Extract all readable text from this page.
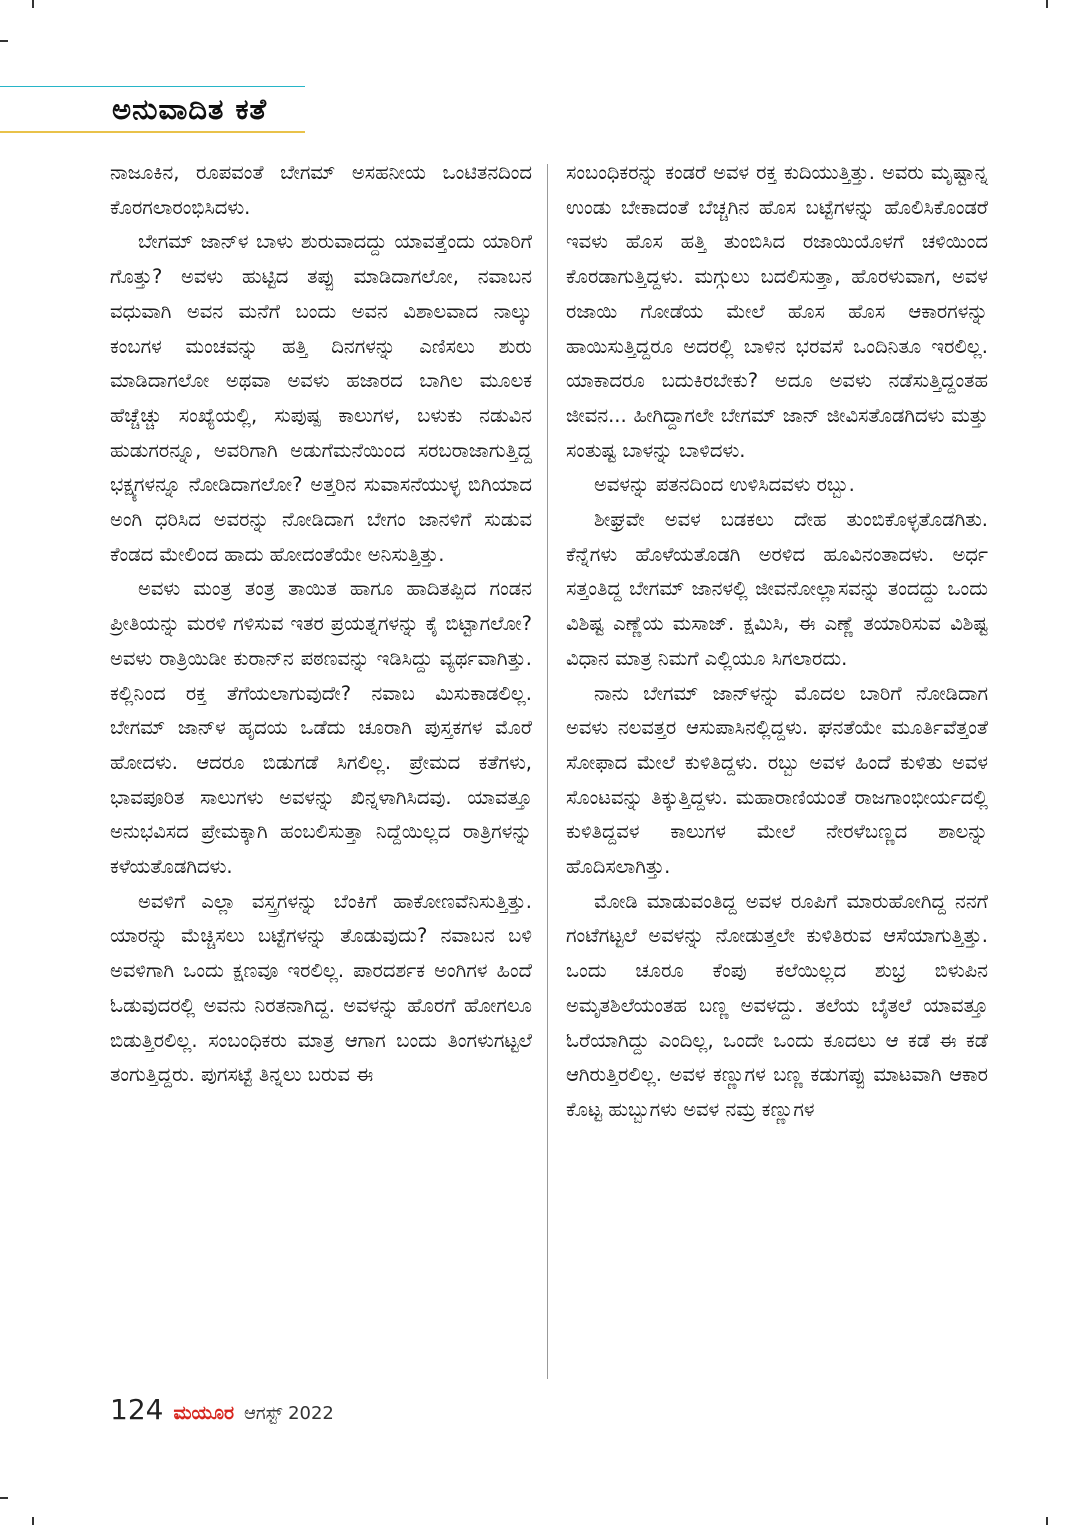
ಅನುವಾದಿತ ಕತೆ

ನಾಜೂಕಿನ, ರೂಪವಂತೆ ಬೇಗಮ್ ಅಸಹನೀಯ ಒಂಟಿತನದಿಂದ ಕೊರಗಲಾರಂಭಿಸಿದಳು.

ಬೇಗಮ್ ಜಾನ್‌ಳ ಬಾಳು ಶುರುವಾದದ್ದು ಯಾವತ್ತೆಂದು ಯಾರಿಗೆ ಗೊತ್ತು? ಅವಳು ಹುಟ್ಟಿದ ತಪ್ಪು ಮಾಡಿದಾಗಲೋ, ನವಾಬನ ವಧುವಾಗಿ ಅವನ ಮನೆಗೆ ಬಂದು ಅವನ ವಿಶಾಲವಾದ ನಾಲ್ಕು ಕಂಬಗಳ ಮಂಚವನ್ನು ಹತ್ತಿ ದಿನಗಳನ್ನು ಎಣಿಸಲು ಶುರು ಮಾಡಿದಾಗಲೋ ಅಥವಾ ಅವಳು ಹಜಾರದ ಬಾಗಿಲ ಮೂಲಕ ಹೆಚ್ಚೆಚ್ಚು ಸಂಖ್ಯೆಯಲ್ಲಿ, ಸುಪುಷ್ಪ ಕಾಲುಗಳ, ಬಳುಕು ನಡುವಿನ ಹುಡುಗರನ್ನೂ, ಅವರಿಗಾಗಿ ಅಡುಗೆಮನೆಯಿಂದ ಸರಬರಾಜಾಗುತ್ತಿದ್ದ ಭಕ್ಷ್ಯಗಳನ್ನೂ ನೋಡಿದಾಗಲೋ? ಅತ್ತರಿನ ಸುವಾಸನೆಯುಳ್ಳ ಬಿಗಿಯಾದ ಅಂಗಿ ಧರಿಸಿದ ಅವರನ್ನು ನೋಡಿದಾಗ ಬೇಗಂ ಜಾನಳಿಗೆ ಸುಡುವ ಕೆಂಡದ ಮೇಲಿಂದ ಹಾದು ಹೋದಂತೆಯೇ ಅನಿಸುತ್ತಿತ್ತು.

ಅವಳು ಮಂತ್ರ ತಂತ್ರ ತಾಯಿತ ಹಾಗೂ ಹಾದಿತಪ್ಪಿದ ಗಂಡನ ಪ್ರೀತಿಯನ್ನು ಮರಳಿ ಗಳಿಸುವ ಇತರ ಪ್ರಯತ್ನಗಳನ್ನು ಕೈ ಬಿಟ್ಟಾಗಲೋ? ಅವಳು ರಾತ್ರಿಯಿಡೀ ಕುರಾನ್‌ನ ಪಠಣವನ್ನು ಇಡಿಸಿದ್ದು ವ್ಯರ್ಥವಾಗಿತ್ತು. ಕಲ್ಲಿನಿಂದ ರಕ್ತ ತೆಗೆಯಲಾಗುವುದೇ? ನವಾಬ ಮಿಸುಕಾಡಲಿಲ್ಲ. ಬೇಗಮ್ ಜಾನ್‌ಳ ಹೃದಯ ಒಡೆದು ಚೂರಾಗಿ ಪುಸ್ತಕಗಳ ಮೊರೆ ಹೋದಳು. ಆದರೂ ಬಿಡುಗಡೆ ಸಿಗಲಿಲ್ಲ. ಪ್ರೇಮದ ಕತೆಗಳು, ಭಾವಪೂರಿತ ಸಾಲುಗಳು ಅವಳನ್ನು ಖಿನ್ನಳಾಗಿಸಿದವು. ಯಾವತ್ತೂ ಅನುಭವಿಸದ ಪ್ರೇಮಕ್ಕಾಗಿ ಹಂಬಲಿಸುತ್ತಾ ನಿದ್ದೆಯಿಲ್ಲದ ರಾತ್ರಿಗಳನ್ನು ಕಳೆಯತೊಡಗಿದಳು.

ಅವಳಿಗೆ ಎಲ್ಲಾ ವಸ್ತ್ರಗಳನ್ನು ಬೆಂಕಿಗೆ ಹಾಕೋಣವೆನಿಸುತ್ತಿತ್ತು. ಯಾರನ್ನು ಮೆಚ್ಚಿಸಲು ಬಟ್ಟೆಗಳನ್ನು ತೊಡುವುದು? ನವಾಬನ ಬಳಿ ಅವಳಿಗಾಗಿ ಒಂದು ಕ್ಷಣವೂ ಇರಲಿಲ್ಲ. ಪಾರದರ್ಶಕ ಅಂಗಿಗಳ ಹಿಂದೆ ಓಡುವುದರಲ್ಲಿ ಅವನು ನಿರತನಾಗಿದ್ದ. ಅವಳನ್ನು ಹೊರಗೆ ಹೋಗಲೂ ಬಿಡುತ್ತಿರಲಿಲ್ಲ. ಸಂಬಂಧಿಕರು ಮಾತ್ರ ಆಗಾಗ ಬಂದು ತಿಂಗಳುಗಟ್ಟಲೆ ತಂಗುತ್ತಿದ್ದರು. ಪುಗಸಟ್ಟೆ ತಿನ್ನಲು ಬರುವ ಈ

ಸಂಬಂಧಿಕರನ್ನು ಕಂಡರೆ ಅವಳ ರಕ್ತ ಕುದಿಯುತ್ತಿತ್ತು. ಅವರು ಮೃಷ್ಟಾನ್ನ ಉಂಡು ಬೇಕಾದಂತೆ ಬೆಚ್ಚಗಿನ ಹೊಸ ಬಟ್ಟೆಗಳನ್ನು ಹೊಲಿಸಿಕೊಂಡರೆ ಇವಳು ಹೊಸ ಹತ್ತಿ ತುಂಬಿಸಿದ ರಜಾಯಿಯೊಳಗೆ ಚಳಿಯಿಂದ ಕೊರಡಾಗುತ್ತಿದ್ದಳು. ಮಗ್ಗುಲು ಬದಲಿಸುತ್ತಾ, ಹೊರಳುವಾಗ, ಅವಳ ರಜಾಯಿ ಗೋಡೆಯ ಮೇಲೆ ಹೊಸ ಹೊಸ ಆಕಾರಗಳನ್ನು ಹಾಯಿಸುತ್ತಿದ್ದರೂ ಅದರಲ್ಲಿ ಬಾಳಿನ ಭರವಸೆ ಒಂದಿನಿತೂ ಇರಲಿಲ್ಲ. ಯಾಕಾದರೂ ಬದುಕಿರಬೇಕು? ಅದೂ ಅವಳು ನಡೆಸುತ್ತಿದ್ದಂತಹ ಜೀವನ... ಹೀಗಿದ್ದಾಗಲೇ ಬೇಗಮ್ ಜಾನ್ ಜೀವಿಸತೊಡಗಿದಳು ಮತ್ತು ಸಂತುಷ್ಟ ಬಾಳನ್ನು ಬಾಳಿದಳು.

ಅವಳನ್ನು ಪತನದಿಂದ ಉಳಿಸಿದವಳು ರಬ್ಬು.

ಶೀಘ್ರವೇ ಅವಳ ಬಡಕಲು ದೇಹ ತುಂಬಿಕೊಳ್ಳತೊಡಗಿತು. ಕೆನ್ನೆಗಳು ಹೊಳೆಯತೊಡಗಿ ಅರಳಿದ ಹೂವಿನಂತಾದಳು. ಅರ್ಧ ಸತ್ತಂತಿದ್ದ ಬೇಗಮ್ ಜಾನಳಲ್ಲಿ ಜೀವನೋಲ್ಲಾಸವನ್ನು ತಂದದ್ದು ಒಂದು ವಿಶಿಷ್ಟ ಎಣ್ಣೆಯ ಮಸಾಜ್. ಕ್ಷಮಿಸಿ, ಈ ಎಣ್ಣೆ ತಯಾರಿಸುವ ವಿಶಿಷ್ಟ ವಿಧಾನ ಮಾತ್ರ ನಿಮಗೆ ಎಲ್ಲಿಯೂ ಸಿಗಲಾರದು.

ನಾನು ಬೇಗಮ್ ಜಾನ್‌ಳನ್ನು ಮೊದಲ ಬಾರಿಗೆ ನೋಡಿದಾಗ ಅವಳು ನಲವತ್ತರ ಆಸುಪಾಸಿನಲ್ಲಿದ್ದಳು. ಘನತೆಯೇ ಮೂರ್ತಿವೆತ್ತಂತೆ ಸೋಫಾದ ಮೇಲೆ ಕುಳಿತಿದ್ದಳು. ರಬ್ಬು ಅವಳ ಹಿಂದೆ ಕುಳಿತು ಅವಳ ಸೊಂಟವನ್ನು ತಿಕ್ಕುತ್ತಿದ್ದಳು. ಮಹಾರಾಣಿಯಂತೆ ರಾಜಗಾಂಭೀರ್ಯದಲ್ಲಿ ಕುಳಿತಿದ್ದವಳ ಕಾಲುಗಳ ಮೇಲೆ ನೇರಳೆಬಣ್ಣದ ಶಾಲನ್ನು ಹೊದಿಸಲಾಗಿತ್ತು.

ಮೋಡಿ ಮಾಡುವಂತಿದ್ದ ಅವಳ ರೂಪಿಗೆ ಮಾರುಹೋಗಿದ್ದ ನನಗೆ ಗಂಟೆಗಟ್ಟಲೆ ಅವಳನ್ನು ನೋಡುತ್ತಲೇ ಕುಳಿತಿರುವ ಆಸೆಯಾಗುತ್ತಿತ್ತು. ಒಂದು ಚೂರೂ ಕೆಂಪು ಕಲೆಯಿಲ್ಲದ ಶುಭ್ರ ಬಿಳುಪಿನ ಅಮೃತಶಿಲೆಯಂತಹ ಬಣ್ಣ ಅವಳದ್ದು. ತಲೆಯ ಬೈತಲೆ ಯಾವತ್ತೂ ಓರೆಯಾಗಿದ್ದು ಎಂದಿಲ್ಲ, ಒಂದೇ ಒಂದು ಕೂದಲು ಆ ಕಡೆ ಈ ಕಡೆ ಆಗಿರುತ್ತಿರಲಿಲ್ಲ. ಅವಳ ಕಣ್ಣುಗಳ ಬಣ್ಣ ಕಡುಗಪ್ಪು ಮಾಟವಾಗಿ ಆಕಾರ ಕೊಟ್ಟ ಹುಬ್ಬುಗಳು ಅವಳ ನಮ್ರ ಕಣ್ಣುಗಳ

124 ಮಯೂರ ಆಗಸ್ಟ್ 2022
